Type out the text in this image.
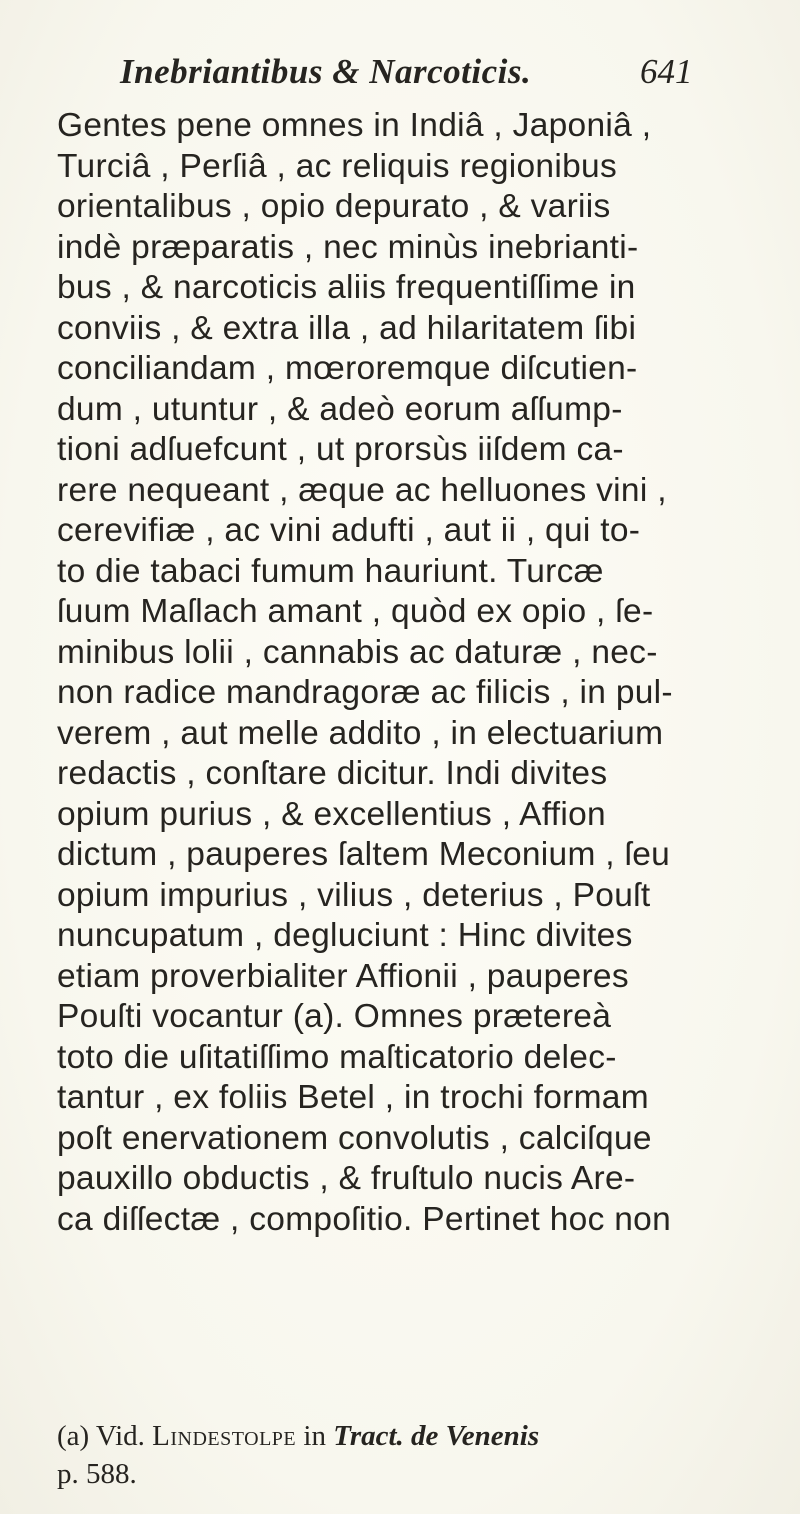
Inebriantibus & Narcoticis.	641
Gentes pene omnes in Indiâ , Japoniâ ,
Turciâ , Perſiâ , ac reliquis regionibus
orientalibus , opio depurato , & variis
indè præparatis , nec minùs inebrianti-
bus , & narcoticis aliis frequentiſſime in
conviis , & extra illa , ad hilaritatem ſibi
conciliandam , mœroremque diſcutien-
dum , utuntur , & adeò eorum aſſump-
tioni adſuefcunt , ut prorsùs iiſdem ca-
rere nequeant , æque ac helluones vini ,
cerevifiæ , ac vini adufti , aut ii , qui to-
to die tabaci fumum hauriunt. Turcæ
ſuum Maſlach amant , quòd ex opio , ſe-
minibus lolii , cannabis ac daturæ , nec-
non radice mandragoræ ac filicis , in pul-
verem , aut melle addito , in electuarium
redactis , conſtare dicitur. Indi divites
opium purius , & excellentius , Affion
dictum , pauperes ſaltem Meconium , ſeu
opium impurius , vilius , deterius , Pouſt
nuncupatum , degluciunt : Hinc divites
etiam proverbialiter Affionii , pauperes
Pouſti vocantur (a). Omnes prætereà
toto die uſitatiſſimo maſticatorio delec-
tantur , ex foliis Betel , in trochi formam
poſt enervationem convolutis , calciſque
pauxillo obductis , & fruſtulo nucis Are-
ca diſſectæ , compoſitio. Pertinet hoc non
(a) Vid. Lindestolpe in Tract. de Venenis
p. 588.
